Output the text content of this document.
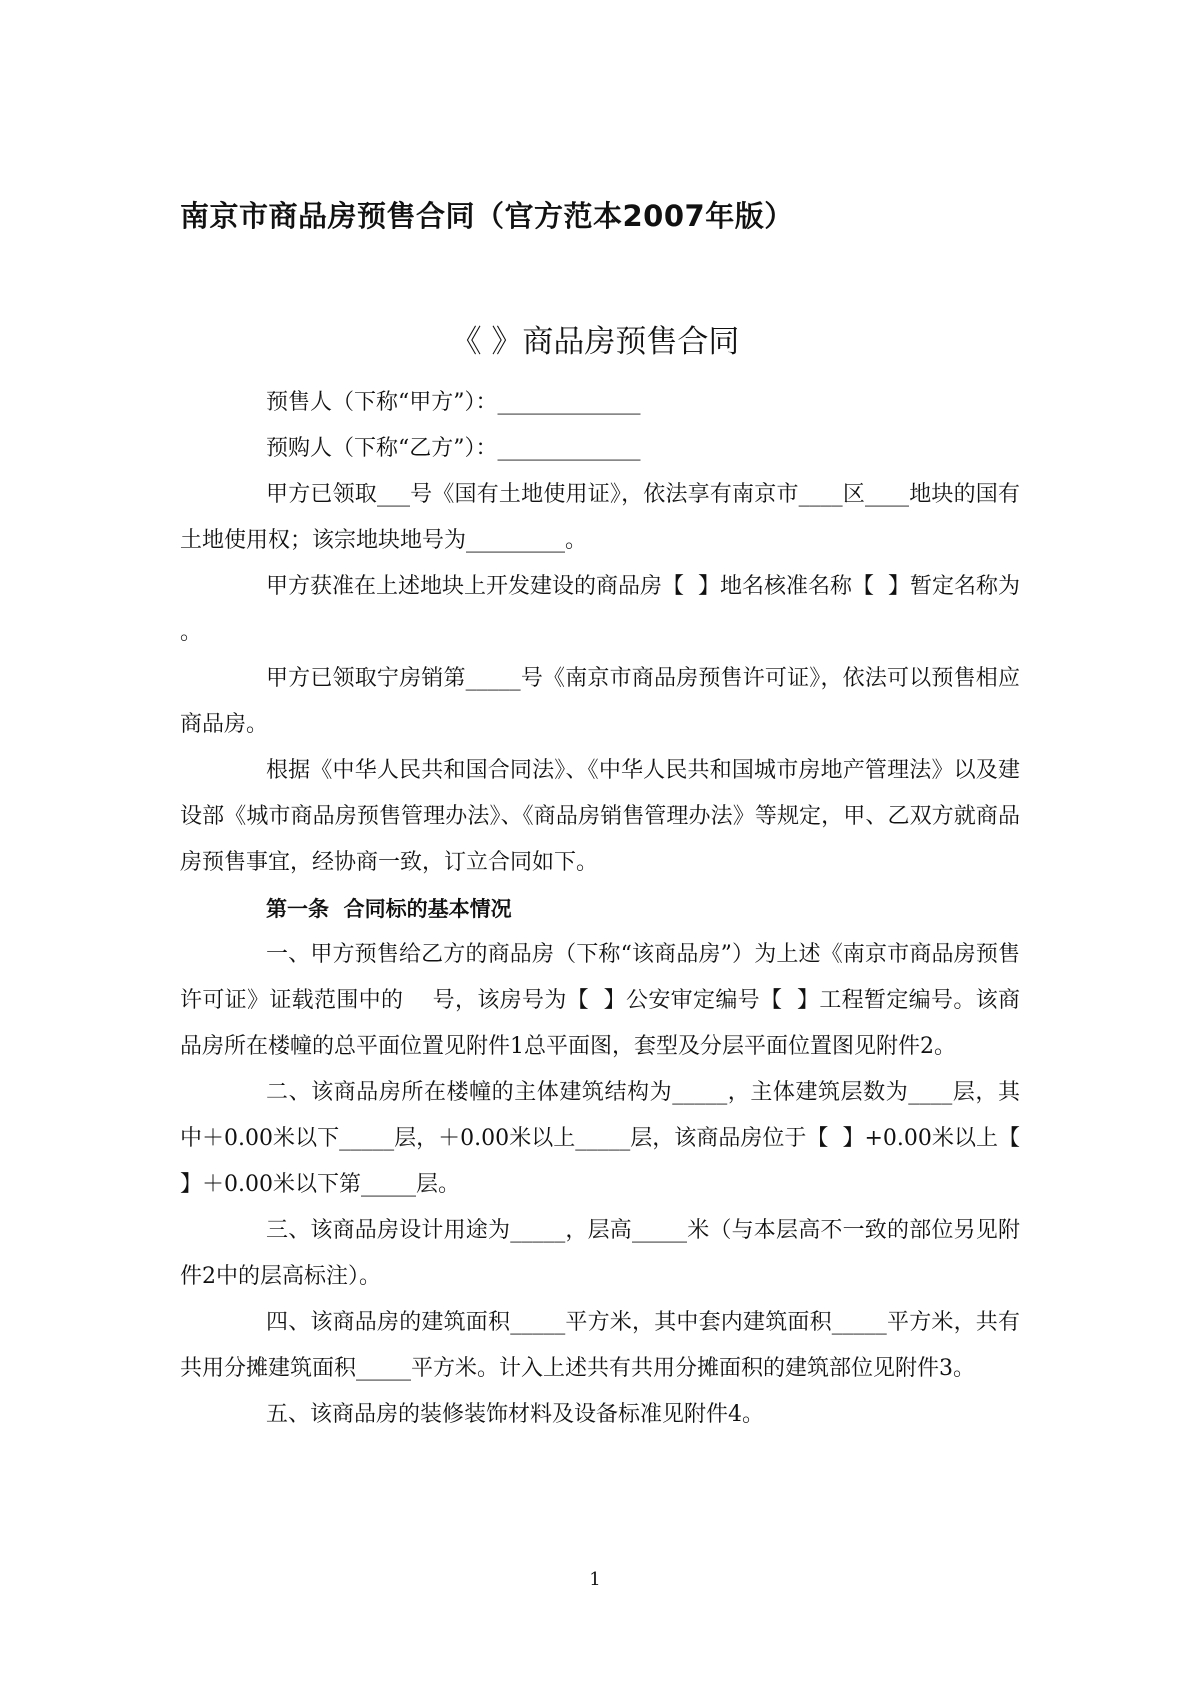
南京市商品房预售合同（官方范本2007年版）
《 》商品房预售合同

预售人（下称“甲方”）：_____________

预购人（下称“乙方”）：_____________

甲方已领取___号《国有土地使用证》，依法享有南京市____区____地块的国有土地使用权；该宗地块地号为_________。

甲方获准在上述地块上开发建设的商品房【  】地名核准名称【  】暂定名称为 。

甲方已领取宁房销第_____号《南京市商品房预售许可证》，依法可以预售相应商品房。

根据《中华人民共和国合同法》、《中华人民共和国城市房地产管理法》以及建设部《城市商品房预售管理办法》、《商品房销售管理办法》等规定，甲、乙双方就商品房预售事宜，经协商一致，订立合同如下。

第一条  合同标的基本情况

一、甲方预售给乙方的商品房（下称“该商品房”）为上述《南京市商品房预售许可证》证载范围中的    号，该房号为【  】公安审定编号【  】工程暂定编号。该商品房所在楼幢的总平面位置见附件1总平面图，套型及分层平面位置图见附件2。

二、该商品房所在楼幢的主体建筑结构为_____，主体建筑层数为____层，其中＋0.00米以下_____层，＋0.00米以上_____层，该商品房位于【  】+0.00米以上【  】＋0.00米以下第_____层。

三、该商品房设计用途为_____，层高_____米（与本层高不一致的部位另见附件2中的层高标注）。

四、该商品房的建筑面积_____平方米，其中套内建筑面积_____平方米，共有共用分摊建筑面积_____平方米。计入上述共有共用分摊面积的建筑部位见附件3。

五、该商品房的装修装饰材料及设备标准见附件4。

1
